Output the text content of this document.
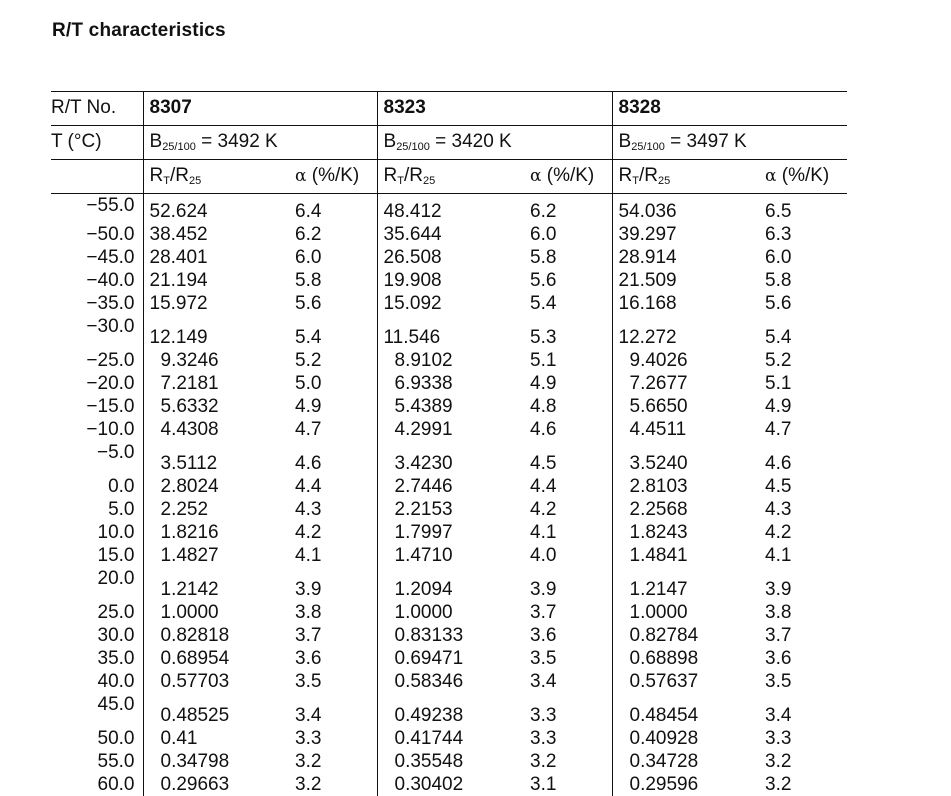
R/T characteristics
R/T No.	8307		8323		8328	
T (°C)	$B_{25/100} = 3492$ K		$B_{25/100} = 3420$ K		$B_{25/100} = 3497$ K	
	$R_T/R_{25}$	α (%/K)	$R_T/R_{25}$	α (%/K)	$R_T/R_{25}$	α (%/K)
−55.0	52.624	6.4	48.412	6.2	54.036	6.5
−50.0	38.452	6.2	35.644	6.0	39.297	6.3
−45.0	28.401	6.0	26.508	5.8	28.914	6.0
−40.0	21.194	5.8	19.908	5.6	21.509	5.8
−35.0	15.972	5.6	15.092	5.4	16.168	5.6
−30.0	12.149	5.4	11.546	5.3	12.272	5.4
−25.0	9.3246	5.2	8.9102	5.1	9.4026	5.2
−20.0	7.2181	5.0	6.9338	4.9	7.2677	5.1
−15.0	5.6332	4.9	5.4389	4.8	5.6650	4.9
−10.0	4.4308	4.7	4.2991	4.6	4.4511	4.7
−5.0	3.5112	4.6	3.4230	4.5	3.5240	4.6
0.0	2.8024	4.4	2.7446	4.4	2.8103	4.5
5.0	2.252	4.3	2.2153	4.2	2.2568	4.3
10.0	1.8216	4.2	1.7997	4.1	1.8243	4.2
15.0	1.4827	4.1	1.4710	4.0	1.4841	4.1
20.0	1.2142	3.9	1.2094	3.9	1.2147	3.9
25.0	1.0000	3.8	1.0000	3.7	1.0000	3.8
30.0	0.82818	3.7	0.83133	3.6	0.82784	3.7
35.0	0.68954	3.6	0.69471	3.5	0.68898	3.6
40.0	0.57703	3.5	0.58346	3.4	0.57637	3.5
45.0	0.48525	3.4	0.49238	3.3	0.48454	3.4
50.0	0.41	3.3	0.41744	3.3	0.40928	3.3
55.0	0.34798	3.2	0.35548	3.2	0.34728	3.2
60.0	0.29663	3.2	0.30402	3.1	0.29596	3.2
